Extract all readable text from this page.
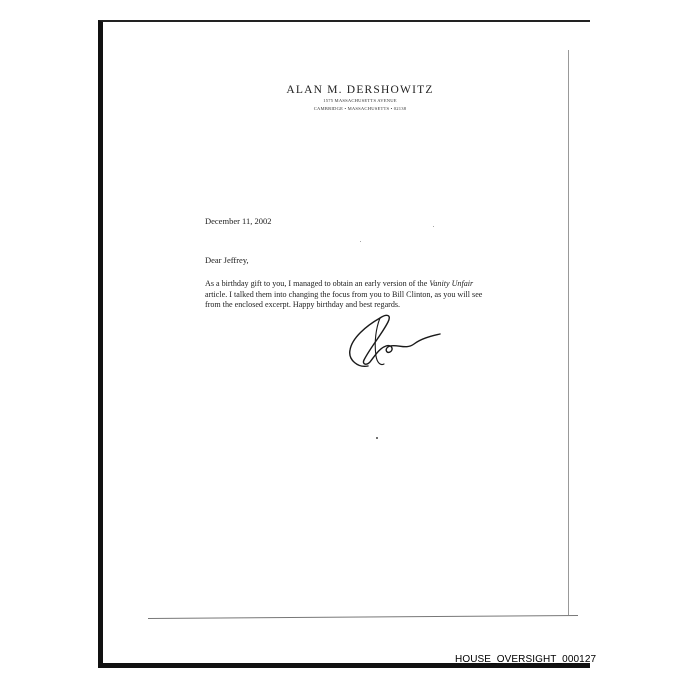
ALAN M. DERSHOWITZ
1575 MASSACHUSETTS AVENUE
CAMBRIDGE • MASSACHUSETTS • 02138
December 11, 2002
Dear Jeffrey,
As a birthday gift to you, I managed to obtain an early version of the Vanity Unfair
article. I talked them into changing the focus from you to Bill Clinton, as you will see
from the enclosed excerpt. Happy birthday and best regards.
HOUSE_OVERSIGHT_000127
